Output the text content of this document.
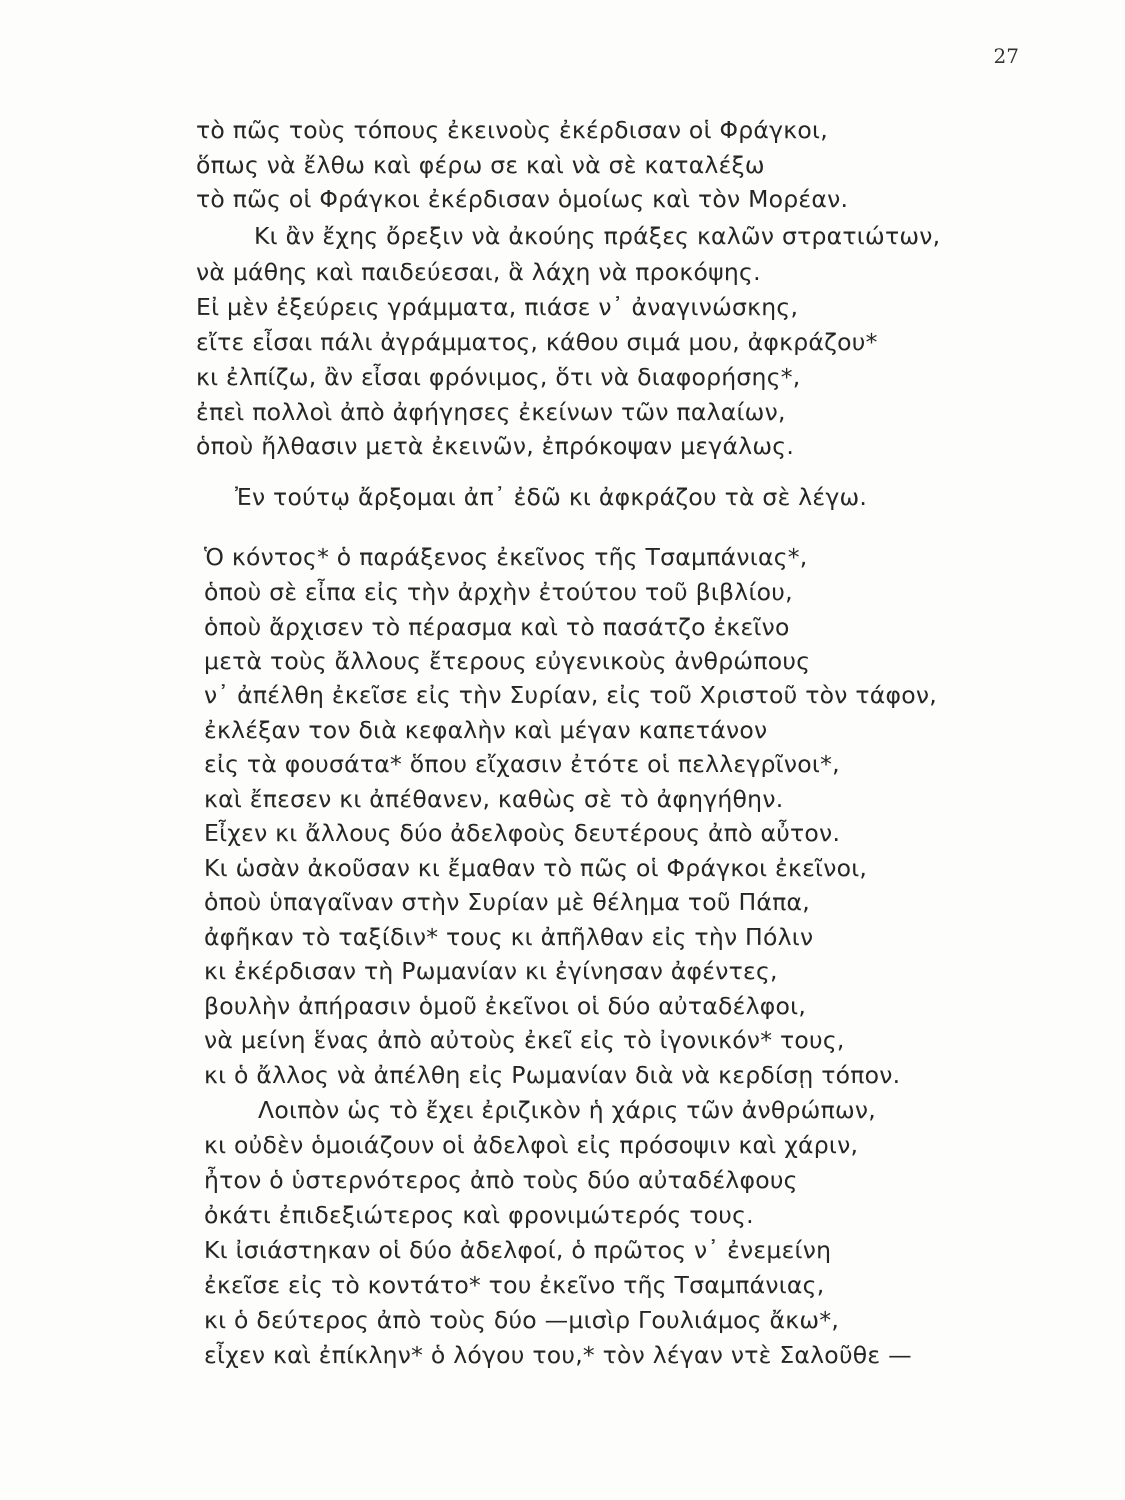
27
τὸ πῶς τοὺς τόπους ἐκεινοὺς ἐκέρδισαν οἱ Φράγκοι,
ὅπως νὰ ἔλθω καὶ φέρω σε καὶ νὰ σὲ καταλέξω
τὸ πῶς οἱ Φράγκοι ἐκέρδισαν ὁμοίως καὶ τὸν Μορέαν.
Κι ἂν ἔχης ὄρεξιν νὰ ἀκούης πράξες καλῶν στρατιώτων,
νὰ μάθης καὶ παιδεύεσαι, ἃ λάχη νὰ προκόψης.
Εἰ μὲν ἐξεύρεις γράμματα, πιάσε ν᾽ ἀναγινώσκης,
εἴτε εἶσαι πάλι ἀγράμματος, κάθου σιμά μου, ἀφκράζου*
κι ἐλπίζω, ἂν εἶσαι φρόνιμος, ὅτι νὰ διαφορήσης*,
ἐπεὶ πολλοὶ ἀπὸ ἀφήγησες ἐκείνων τῶν παλαίων,
ὁποὺ ἤλθασιν μετὰ ἐκεινῶν, ἐπρόκοψαν μεγάλως.
Ἐν τούτῳ ἄρξομαι ἀπ᾽ ἐδῶ κι ἀφκράζου τὰ σὲ λέγω.
Ὁ κόντος* ὁ παράξενος ἐκεῖνος τῆς Τσαμπάνιας*,
ὁποὺ σὲ εἶπα εἰς τὴν ἀρχὴν ἐτούτου τοῦ βιβλίου,
ὁποὺ ἄρχισεν τὸ πέρασμα καὶ τὸ πασάτζο ἐκεῖνο
μετὰ τοὺς ἄλλους ἔτερους εὐγενικοὺς ἀνθρώπους
ν᾽ ἀπέλθη ἐκεῖσε εἰς τὴν Συρίαν, εἰς τοῦ Χριστοῦ τὸν τάφον,
ἐκλέξαν τον διὰ κεφαλὴν καὶ μέγαν καπετάνον
εἰς τὰ φουσάτα* ὅπου εἴχασιν ἐτότε οἱ πελλεγρῖνοι*,
καὶ ἔπεσεν κι ἀπέθανεν, καθὼς σὲ τὸ ἀφηγήθην.
Εἶχεν κι ἄλλους δύο ἀδελφοὺς δευτέρους ἀπὸ αὖτον.
Κι ὡσὰν ἀκοῦσαν κι ἔμαθαν τὸ πῶς οἱ Φράγκοι ἐκεῖνοι,
ὁποὺ ὑπαγαῖναν στὴν Συρίαν μὲ θέλημα τοῦ Πάπα,
ἀφῆκαν τὸ ταξίδιν* τους κι ἀπῆλθαν εἰς τὴν Πόλιν
κι ἐκέρδισαν τὴ Ρωμανίαν κι ἐγίνησαν ἀφέντες,
βουλὴν ἀπήρασιν ὁμοῦ ἐκεῖνοι οἱ δύο αὐταδέλφοι,
νὰ μείνη ἕνας ἀπὸ αὐτοὺς ἐκεῖ εἰς τὸ ἰγονικόν* τους,
κι ὁ ἄλλος νὰ ἀπέλθη εἰς Ρωμανίαν διὰ νὰ κερδίσῃ τόπον.
Λοιπὸν ὡς τὸ ἔχει ἐριζικὸν ἡ χάρις τῶν ἀνθρώπων,
κι οὐδὲν ὁμοιάζουν οἱ ἀδελφοὶ εἰς πρόσοψιν καὶ χάριν,
ἦτον ὁ ὑστερνότερος ἀπὸ τοὺς δύο αὐταδέλφους
ὀκάτι ἐπιδεξιώτερος καὶ φρονιμώτερός τους.
Κι ἰσιάστηκαν οἱ δύο ἀδελφοί, ὁ πρῶτος ν᾽ ἐνεμείνη
ἐκεῖσε εἰς τὸ κοντάτο* του ἐκεῖνο τῆς Τσαμπάνιας,
κι ὁ δεύτερος ἀπὸ τοὺς δύο —μισὶρ Γουλιάμος ἄκω*,
εἶχεν καὶ ἐπίκλην* ὁ λόγου του,* τὸν λέγαν ντὲ Σαλοῦθε —
